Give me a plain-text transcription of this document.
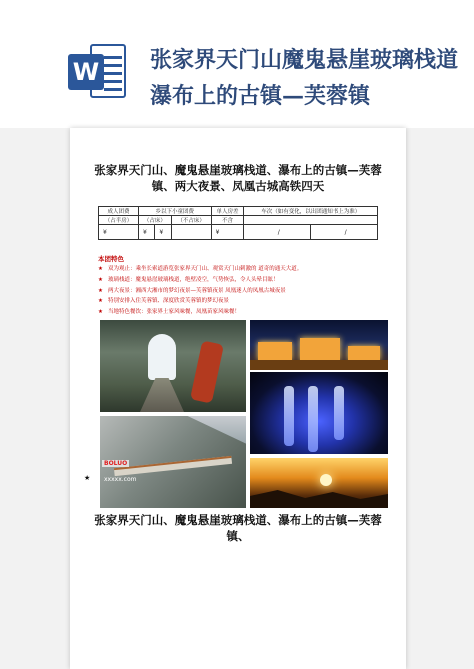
W 张家界天门山魔鬼悬崖玻璃栈道瀑布上的古镇—芙蓉镇
张家界天门山、魔鬼悬崖玻璃栈道、瀑布上的古镇—芙蓉镇、两大夜景、凤凰古城高铁四天
成人团费	乡以下小童团费			单人房差	车次（如有变化，以出团通知书上为准）	
（占半房）	（占床）		（不占床）	不含		
¥	¥	¥		¥	/	/
本团特色
★ 双为观止：乘坐长索道游览张家界天门山、观赏天门山刺激的 道奇的通天大道。
★ 玻璃栈道：魔鬼悬崖玻璃栈道，绝壁凌空，气势恢弘，令人头晕目眩！
★ 两大夜景：湘西大湘市的梦幻夜景—芙蓉镇夜景 凤凰迷人的凤凰古城夜景
★ 特别安排入住芙蓉镇、深度欣赏芙蓉镇的梦幻夜景
★ 当地特色餐饮：张家界土家风味餐，凤凰苗家风味餐！
BOLUO
xxxxx.com
★
张家界天门山、魔鬼悬崖玻璃栈道、瀑布上的古镇—芙蓉镇、
